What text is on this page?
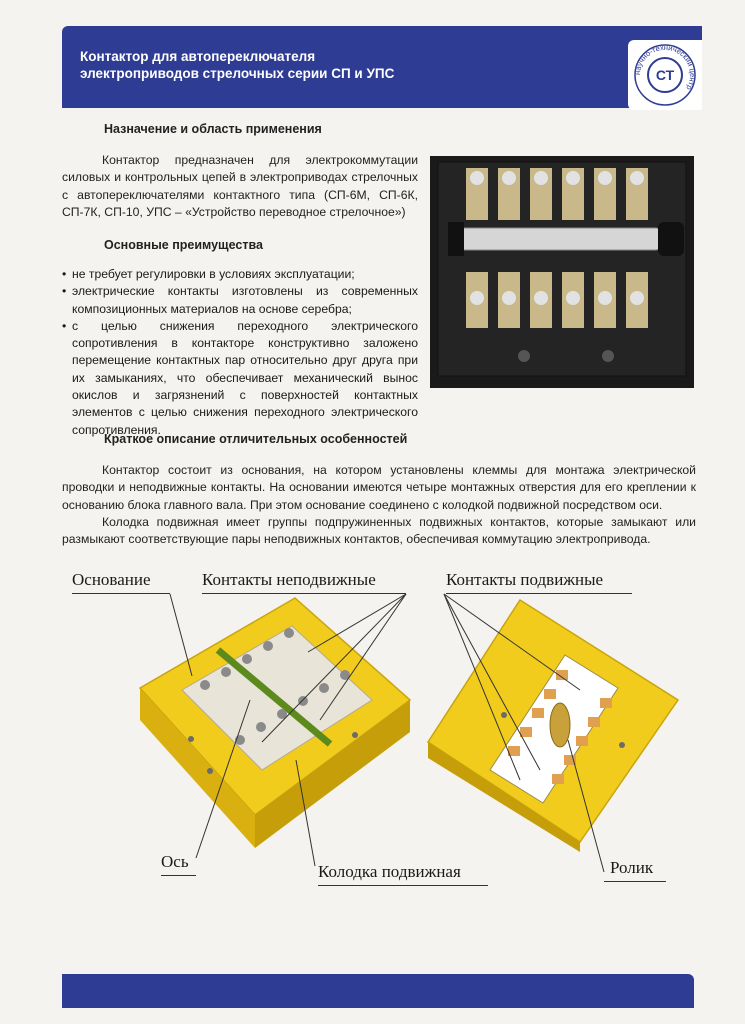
Контактор для автопереключателя
электроприводов стрелочных серии СП и УПС	научно-технический центр
СТ
Назначение и область применения
Контактор предназначен для электрокоммутации силовых и контрольных цепей в электроприводах стрелочных с автопереключателями контактного типа (СП-6М, СП-6К, СП-7К, СП-10, УПС – «Устройство переводное стрелочное»)
Основные преимущества
• не требует регулировки в условиях эксплуатации;
• электрические контакты изготовлены из современных композиционных материалов на основе серебра;
• с целью снижения переходного электрического сопротивления в контакторе конструктивно заложено перемещение контактных пар относительно друг друга при их замыканиях, что обеспечивает механический вынос окислов и загрязнений с поверхностей контактных элементов с целью снижения переходного электрического сопротивления.
Краткое описание отличительных особенностей
Контактор состоит из основания, на котором установлены клеммы для монтажа электрической проводки и неподвижные контакты. На основании имеются четыре монтажных отверстия для его креплении к основанию блока главного вала. При этом основание соединено с колодкой подвижной посредством оси.
Колодка подвижная имеет группы подпружиненных подвижных контактов, которые замыкают или размыкают соответствующие пары неподвижных контактов, обеспечивая коммутацию электропривода.
Основание	Контакты неподвижные	Контакты подвижные
Ось
Колодка подвижная	Ролик
